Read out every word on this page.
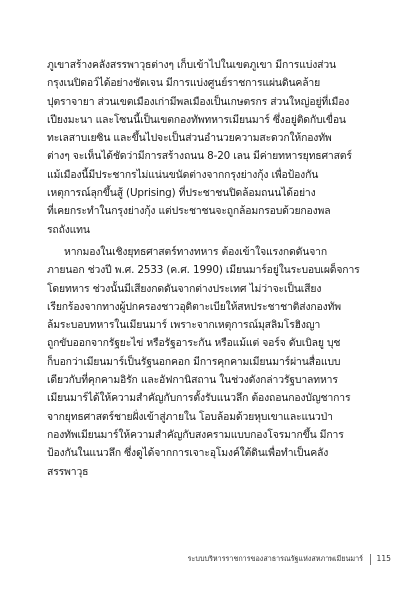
ภูเขาสร้างคลังสรรพาวุธต่างๆ เก็บเข้าไปในเขตภูเขา มีการแบ่งส่วน
กรุงเนปิดอว์ได้อย่างชัดเจน มีการแบ่งศูนย์ราชการแผ่นดินคล้าย
ปุตราจายา ส่วนเขตเมืองเก่ามีพลเมืองเป็นเกษตรกร ส่วนใหญ่อยู่ที่เมือง
เปียงมะนา และโซนนี้เป็นเขตกองทัพทหารเมียนมาร์ ซึ่งอยู่ติดกับเขื่อน
ทะเลสาบเยซิน และขึ้นไปจะเป็นส่วนอำนวยความสะดวกให้กองทัพ
ต่างๆ จะเห็นได้ชัดว่ามีการสร้างถนน 8-20 เลน มีค่ายทหารยุทธศาสตร์
แม้เมืองนี้มีประชากรไม่แน่นขนัดต่างจากกรุงย่างกุ้ง เพื่อป้องกัน
เหตุการณ์ลุกขึ้นสู้ (Uprising) ที่ประชาชนปิดล้อมถนนได้อย่าง
ที่เคยกระทำในกรุงย่างกุ้ง แต่ประชาชนจะถูกล้อมกรอบด้วยกองพล
รถถังแทน
หากมองในเชิงยุทธศาสตร์ทางทหาร ต้องเข้าใจแรงกดดันจาก
ภายนอก ช่วงปี พ.ศ. 2533 (ค.ศ. 1990) เมียนมาร์อยู่ในระบอบเผด็จการ
โดยทหาร ช่วงนั้นมีเสียงกดดันจากต่างประเทศ ไม่ว่าจะเป็นเสียง
เรียกร้องจากทางผู้ปกครองชาวอุดิตาะเบียให้สหประชาชาติส่งกองทัพ
ล้มระบอบทหารในเมียนมาร์ เพราะจากเหตุการณ์มุสลิมโรฮิงญา
ถูกขับออกจากรัฐยะไข่ หรือรัฐอาระกัน หรือแม้แต่ จอร์จ ดับเบิลยู บุช
ก็บอกว่าเมียนมาร์เป็นรัฐนอกคอก มีการคุกคามเมียนมาร์ผ่านสื่อแบบ
เดียวกับที่คุกคามอิรัก และอัฟกานิสถาน ในช่วงดังกล่าวรัฐบาลทหาร
เมียนมาร์ได้ให้ความสำคัญกับการตั้งรับแนวลึก ต้องถอนกองบัญชาการ
จากยุทธศาสตร์ชายฝั่งเข้าสู่ภายใน โอบล้อมด้วยหุบเขาและแนวป่า
กองทัพเมียนมาร์ให้ความสำคัญกับสงครามแบบกองโจรมากขึ้น มีการ
ป้องกันในแนวลึก ซึ่งดูได้จากการเจาะอุโมงค์ใต้ดินเพื่อทำเป็นคลัง
สรรพาวุธ
ระบบบริหารราชการของสาธารณรัฐแห่งสหภาพเมียนมาร์ 115
